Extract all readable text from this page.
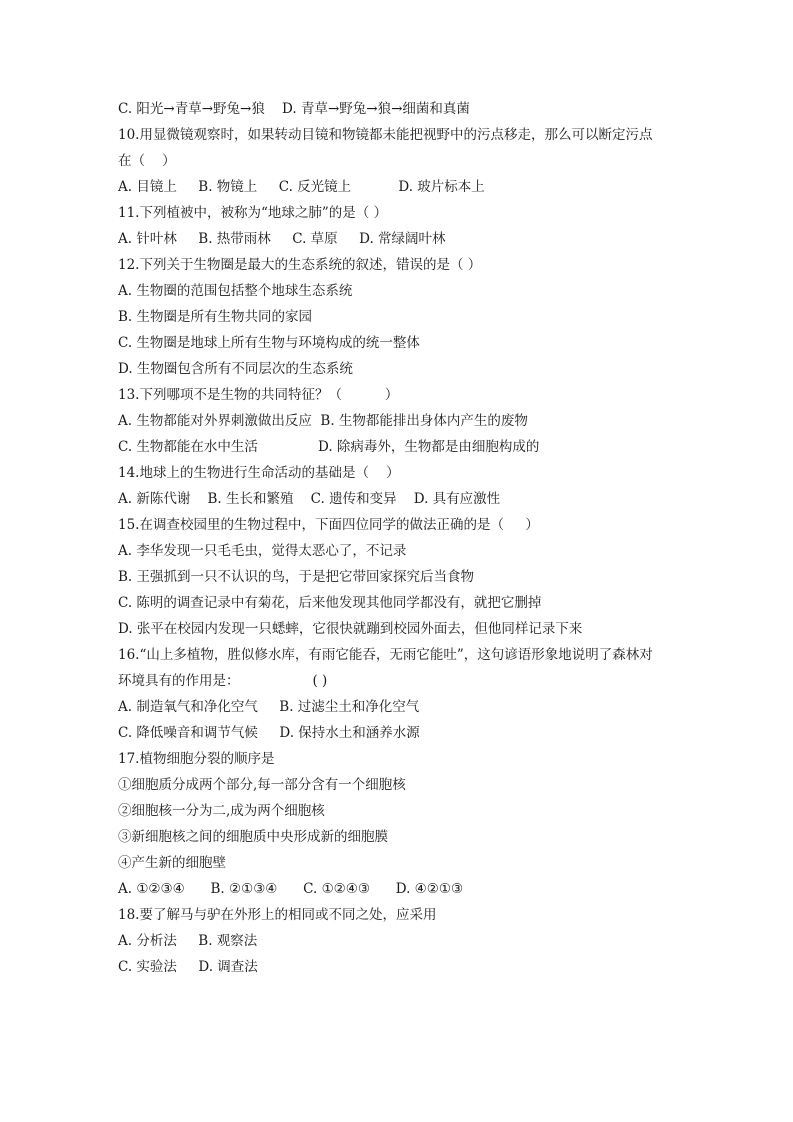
C. 阳光→青草→野兔→狼    D. 青草→野兔→狼→细菌和真菌
10.用显微镜观察时，如果转动目镜和物镜都未能把视野中的污点移走，那么可以断定污点
在（    ）
A. 目镜上     B. 物镜上     C. 反光镜上           D. 玻片标本上
11.下列植被中，被称为“地球之肺”的是（ ）
A. 针叶林     B. 热带雨林     C. 草原     D. 常绿阔叶林
12.下列关于生物圈是最大的生态系统的叙述，错误的是（ ）
A. 生物圈的范围包括整个地球生态系统
B. 生物圈是所有生物共同的家园
C. 生物圈是地球上所有生物与环境构成的统一整体
D. 生物圈包含所有不同层次的生态系统
13.下列哪项不是生物的共同特征？（          ）
A. 生物都能对外界刺激做出反应  B. 生物都能排出身体内产生的废物
C. 生物都能在水中生活              D. 除病毒外，生物都是由细胞构成的
14.地球上的生物进行生命活动的基础是（    ）
A. 新陈代谢    B. 生长和繁殖    C. 遗传和变异    D. 具有应激性
15.在调查校园里的生物过程中，下面四位同学的做法正确的是（     ）
A. 李华发现一只毛毛虫，觉得太恶心了，不记录
B. 王强抓到一只不认识的鸟，于是把它带回家探究后当食物
C. 陈明的调查记录中有菊花，后来他发现其他同学都没有，就把它删掉
D. 张平在校园内发现一只蟋蟀，它很快就蹦到校园外面去，但他同样记录下来
16.“山上多植物，胜似修水库，有雨它能吞，无雨它能吐”，这句谚语形象地说明了森林对
环境具有的作用是：                 ( )
A. 制造氧气和净化空气     B. 过滤尘土和净化空气
C. 降低噪音和调节气候     D. 保持水土和涵养水源
17.植物细胞分裂的顺序是
①细胞质分成两个部分,每一部分含有一个细胞核
②细胞核一分为二,成为两个细胞核
③新细胞核之间的细胞质中央形成新的细胞膜
④产生新的细胞壁
A. ①②③④      B. ②①③④      C. ①②④③      D. ④②①③
18.要了解马与驴在外形上的相同或不同之处，应采用
A. 分析法     B. 观察法
C. 实验法     D. 调查法
